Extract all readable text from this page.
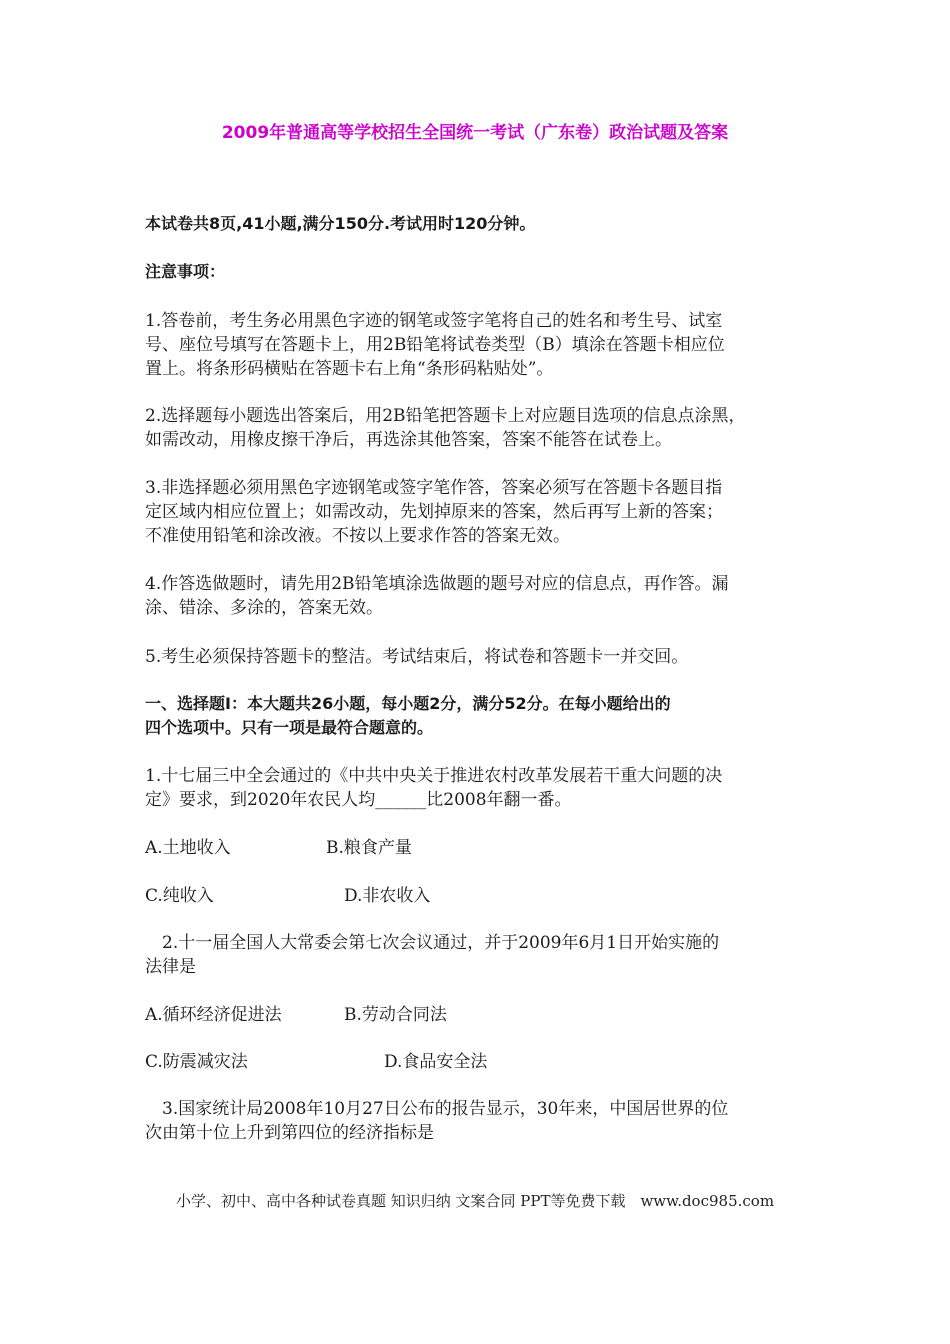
2009年普通高等学校招生全国统一考试（广东卷）政治试题及答案
本试卷共8页,41小题,满分150分.考试用时120分钟。
注意事项：
1.答卷前，考生务必用黑色字迹的钢笔或签字笔将自己的姓名和考生号、试室
号、座位号填写在答题卡上，用2B铅笔将试卷类型（B）填涂在答题卡相应位
置上。将条形码横贴在答题卡右上角“条形码粘贴处”。
2.选择题每小题选出答案后，用2B铅笔把答题卡上对应题目选项的信息点涂黑，
如需改动，用橡皮擦干净后，再选涂其他答案，答案不能答在试卷上。
3.非选择题必须用黑色字迹钢笔或签字笔作答，答案必须写在答题卡各题目指
定区域内相应位置上；如需改动，先划掉原来的答案，然后再写上新的答案；
不准使用铅笔和涂改液。不按以上要求作答的答案无效。
4.作答选做题时，请先用2B铅笔填涂选做题的题号对应的信息点，再作答。漏
涂、错涂、多涂的，答案无效。
5.考生必须保持答题卡的整洁。考试结束后，将试卷和答题卡一并交回。
一、选择题Ⅰ：本大题共26小题，每小题2分，满分52分。在每小题给出的
四个选项中。只有一项是最符合题意的。
1.十七届三中全会通过的《中共中央关于推进农村改革发展若干重大问题的决
定》要求，到2020年农民人均______比2008年翻一番。
A.土地收入	B.粮食产量
C.纯收入	D.非农收入
　2.十一届全国人大常委会第七次会议通过，并于2009年6月1日开始实施的
法律是
A.循环经济促进法	B.劳动合同法
C.防震减灾法	D.食品安全法
　3.国家统计局2008年10月27日公布的报告显示，30年来，中国居世界的位
次由第十位上升到第四位的经济指标是
小学、初中、高中各种试卷真题 知识归纳 文案合同 PPT等免费下载　www.doc985.com
